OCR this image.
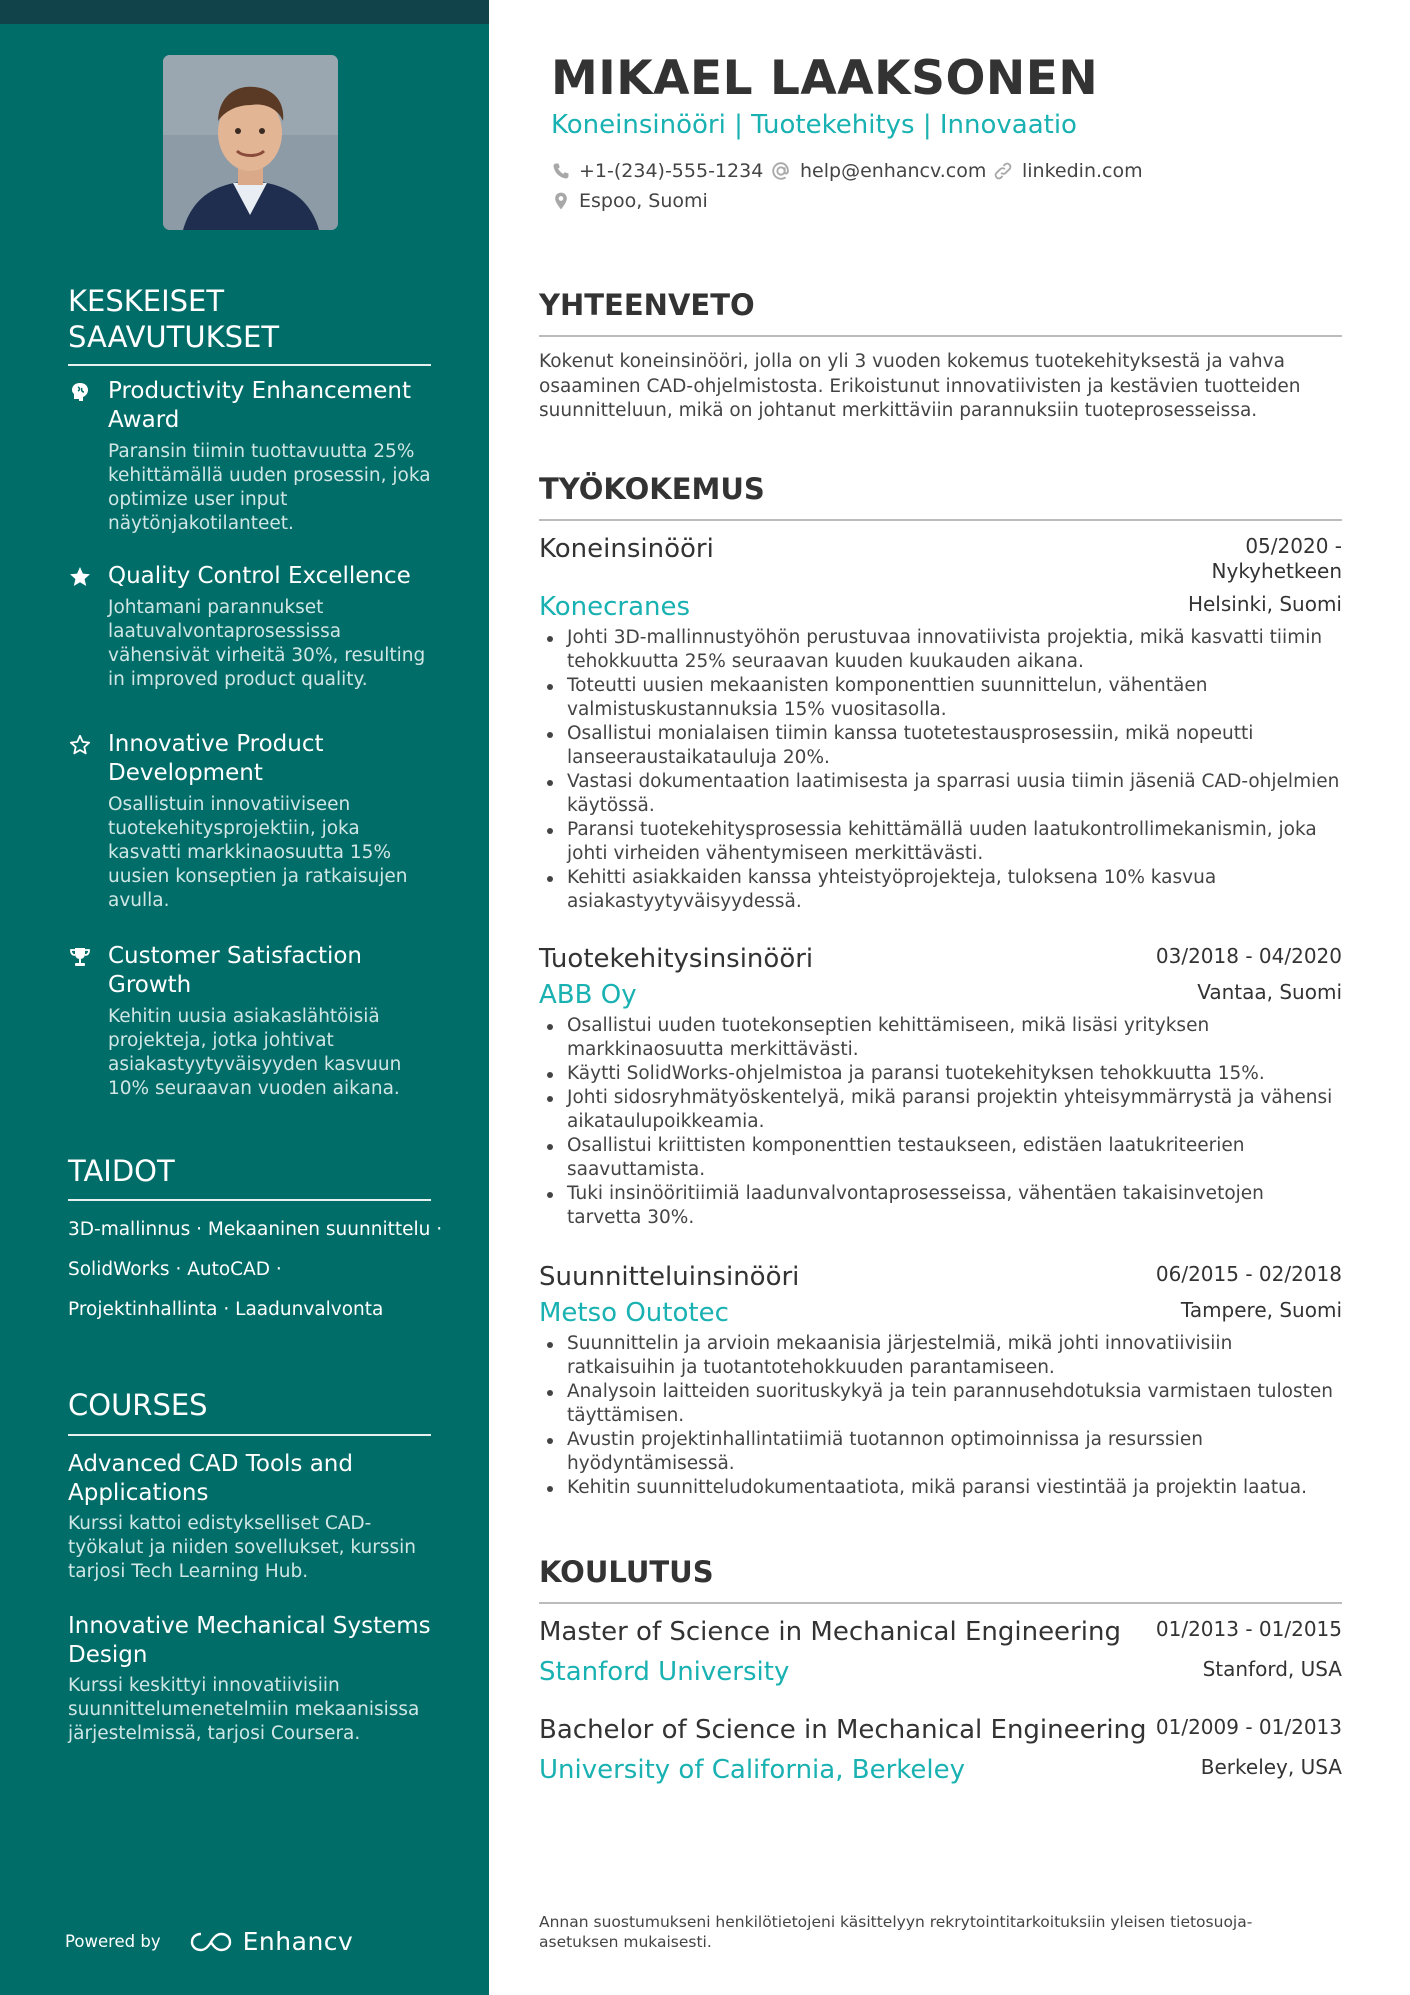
KESKEISET SAAVUTUKSET
Productivity Enhancement Award
Paransin tiimin tuottavuutta 25% kehittämällä uuden prosessin, joka optimize user input näytönjakotilanteet.
Quality Control Excellence
Johtamani parannukset laatuvalvontaprosessissa vähensivät virheitä 30%, resulting in improved product quality.
Innovative Product Development
Osallistuin innovatiiviseen tuotekehitysprojektiin, joka kasvatti markkinaosuutta 15% uusien konseptien ja ratkaisujen avulla.
Customer Satisfaction Growth
Kehitin uusia asiakaslähtöisiä projekteja, jotka johtivat asiakastyytyväisyyden kasvuun 10% seuraavan vuoden aikana.
TAIDOT
3D-mallinnus · Mekaaninen suunnittelu ·
SolidWorks · AutoCAD ·
Projektinhallinta · Laadunvalvonta
COURSES
Advanced CAD Tools and Applications
Kurssi kattoi edistykselliset CAD-työkalut ja niiden sovellukset, kurssin tarjosi Tech Learning Hub.
Innovative Mechanical Systems Design
Kurssi keskittyi innovatiivisiin suunnittelumenetelmiin mekaanisissa järjestelmissä, tarjosi Coursera.
Powered by	Enhancv
MIKAEL LAAKSONEN
Koneinsinööri | Tuotekehitys | Innovaatio
+1-(234)-555-1234 help@enhancv.com linkedin.com
Espoo, Suomi
YHTEENVETO

Kokenut koneinsinööri, jolla on yli 3 vuoden kokemus tuotekehityksestä ja vahva osaaminen CAD-ohjelmistosta. Erikoistunut innovatiivisten ja kestävien tuotteiden suunnitteluun, mikä on johtanut merkittäviin parannuksiin tuoteprosesseissa.

TYÖKOKEMUS
Koneinsinööri	05/2020 -
Nykyhetkeen
Konecranes	Helsinki, Suomi
Johti 3D-mallinnustyöhön perustuvaa innovatiivista projektia, mikä kasvatti tiimin tehokkuutta 25% seuraavan kuuden kuukauden aikana.
Toteutti uusien mekaanisten komponenttien suunnittelun, vähentäen valmistuskustannuksia 15% vuositasolla.
Osallistui monialaisen tiimin kanssa tuotetestausprosessiin, mikä nopeutti lanseeraustaikatauluja 20%.
Vastasi dokumentaation laatimisesta ja sparrasi uusia tiimin jäseniä CAD-ohjelmien käytössä.
Paransi tuotekehitysprosessia kehittämällä uuden laatukontrollimekanismin, joka johti virheiden vähentymiseen merkittävästi.
Kehitti asiakkaiden kanssa yhteistyöprojekteja, tuloksena 10% kasvua asiakastyytyväisyydessä.
Tuotekehitysinsinööri	03/2018 - 04/2020
ABB Oy	Vantaa, Suomi
Osallistui uuden tuotekonseptien kehittämiseen, mikä lisäsi yrityksen markkinaosuutta merkittävästi.
Käytti SolidWorks-ohjelmistoa ja paransi tuotekehityksen tehokkuutta 15%.
Johti sidosryhmätyöskentelyä, mikä paransi projektin yhteisymmärrystä ja vähensi aikataulupoikkeamia.
Osallistui kriittisten komponenttien testaukseen, edistäen laatukriteerien saavuttamista.
Tuki insinööritiimiä laadunvalvontaprosesseissa, vähentäen takaisinvetojen tarvetta 30%.
Suunnitteluinsinööri	06/2015 - 02/2018
Metso Outotec	Tampere, Suomi
Suunnittelin ja arvioin mekaanisia järjestelmiä, mikä johti innovatiivisiin ratkaisuihin ja tuotantotehokkuuden parantamiseen.
Analysoin laitteiden suorituskykyä ja tein parannusehdotuksia varmistaen tulosten täyttämisen.
Avustin projektinhallintatiimiä tuotannon optimoinnissa ja resurssien hyödyntämisessä.
Kehitin suunnitteludokumentaatiota, mikä paransi viestintää ja projektin laatua.
KOULUTUS
Master of Science in Mechanical Engineering 01/2013 - 01/2015
Stanford University	Stanford, USA
Bachelor of Science in Mechanical Engineering 01/2009 - 01/2013
University of California, Berkeley	Berkeley, USA

Annan suostumukseni henkilötietojeni käsittelyyn rekrytointitarkoituksiin yleisen tietosuoja-asetuksen mukaisesti.
